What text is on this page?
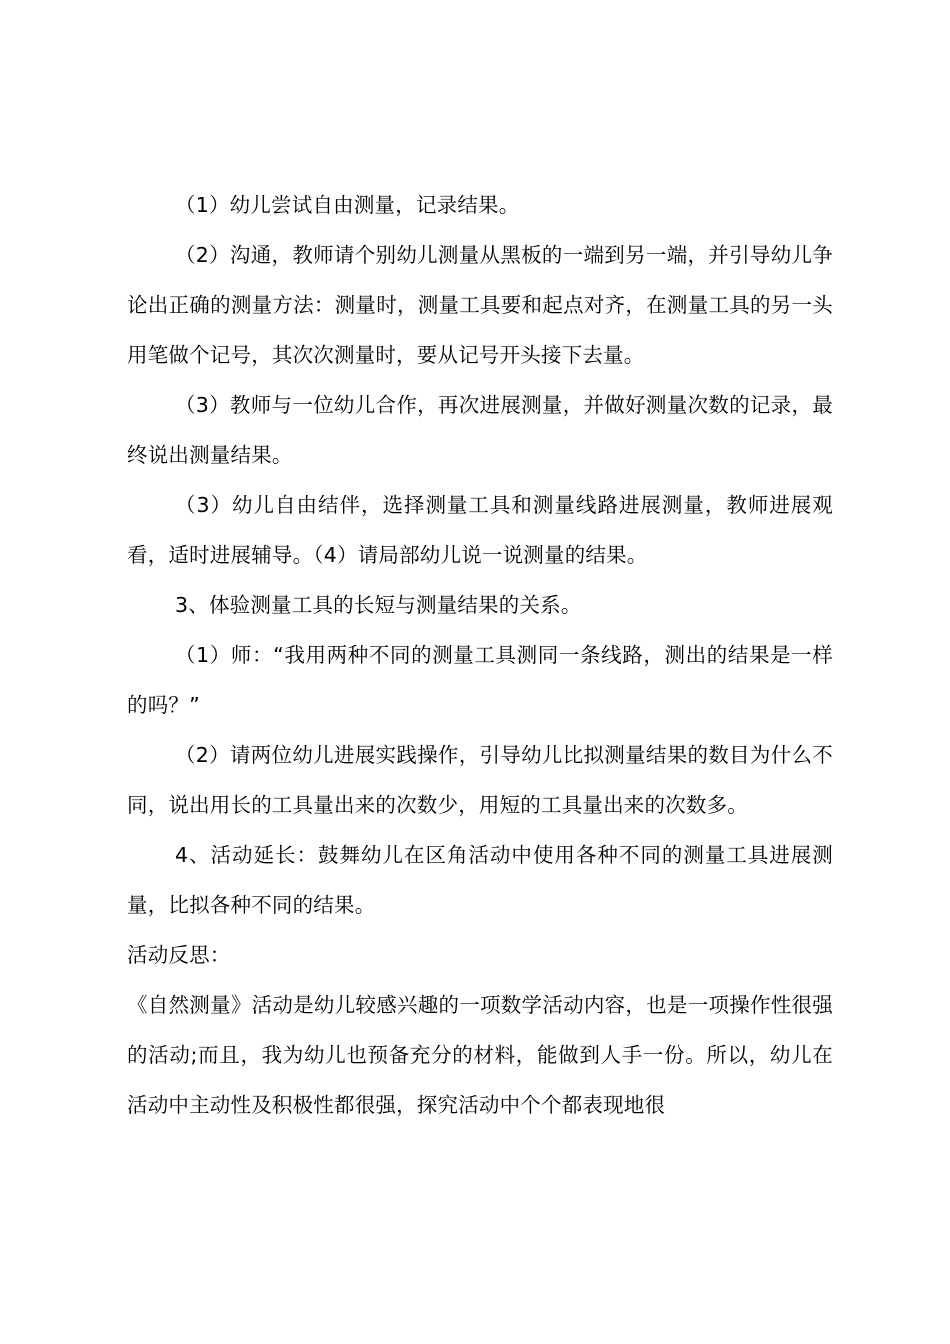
（1）幼儿尝试自由测量，记录结果。

（2）沟通，教师请个别幼儿测量从黑板的一端到另一端，并引导幼儿争论出正确的测量方法：测量时，测量工具要和起点对齐，在测量工具的另一头用笔做个记号，其次次测量时，要从记号开头接下去量。

（3）教师与一位幼儿合作，再次进展测量，并做好测量次数的记录，最终说出测量结果。

（3）幼儿自由结伴，选择测量工具和测量线路进展测量，教师进展观看，适时进展辅导。（4）请局部幼儿说一说测量的结果。

3、体验测量工具的长短与测量结果的关系。

（1）师：“我用两种不同的测量工具测同一条线路，测出的结果是一样的吗？”

（2）请两位幼儿进展实践操作，引导幼儿比拟测量结果的数目为什么不同，说出用长的工具量出来的次数少，用短的工具量出来的次数多。

4、活动延长：鼓舞幼儿在区角活动中使用各种不同的测量工具进展测量，比拟各种不同的结果。

活动反思：

《自然测量》活动是幼儿较感兴趣的一项数学活动内容，也是一项操作性很强的活动;而且，我为幼儿也预备充分的材料，能做到人手一份。所以，幼儿在活动中主动性及积极性都很强，探究活动中个个都表现地很
